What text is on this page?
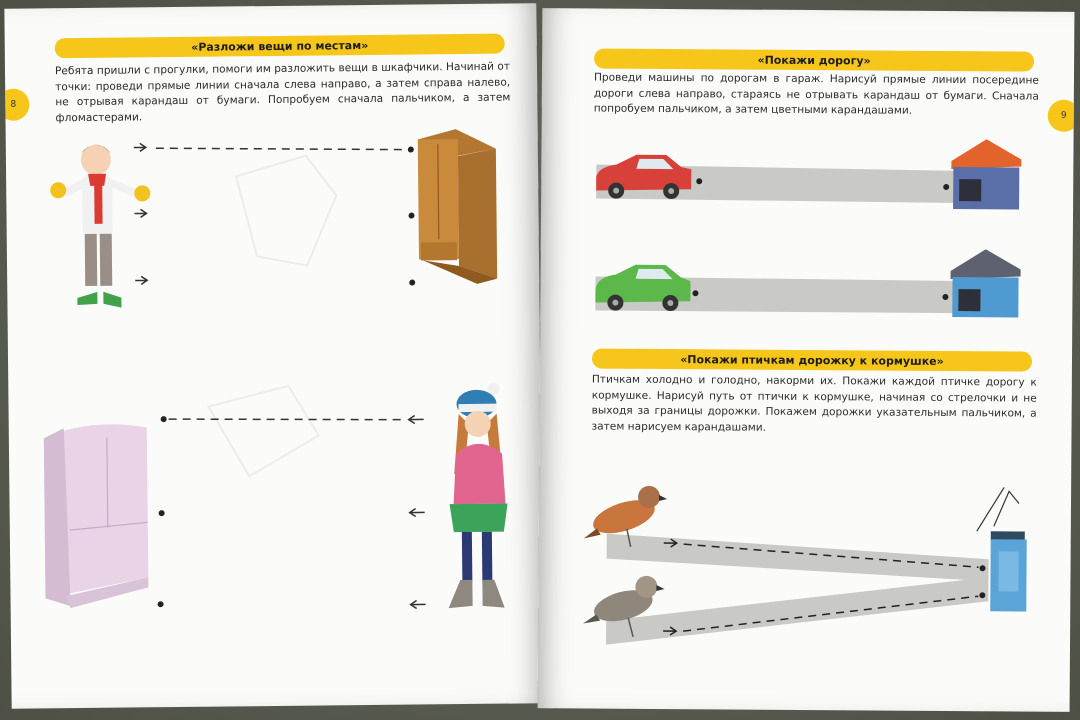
«Разложи вещи по местам»
Ребята пришли с прогулки, помоги им разложить вещи в шкафчики. Начинай от точки: проведи прямые линии сначала слева направо, а затем справа налево, не отрывая карандаш от бумаги. Попробуем сначала пальчиком, а затем фломастерами.
8
«Покажи дорогу»
Проведи машины по дорогам в гараж. Нарисуй прямые линии посередине дороги слева направо, стараясь не отрывать карандаш от бумаги. Сначала попробуем пальчиком, а затем цветными карандашами.	9
«Покажи птичкам дорожку к кормушке»
Птичкам холодно и голодно, накорми их. Покажи каждой птичке дорогу к кормушке. Нарисуй путь от птички к кормушке, начиная со стрелочки и не выходя за границы дорожки. Покажем дорожки указательным пальчиком, а затем нарисуем карандашами.
